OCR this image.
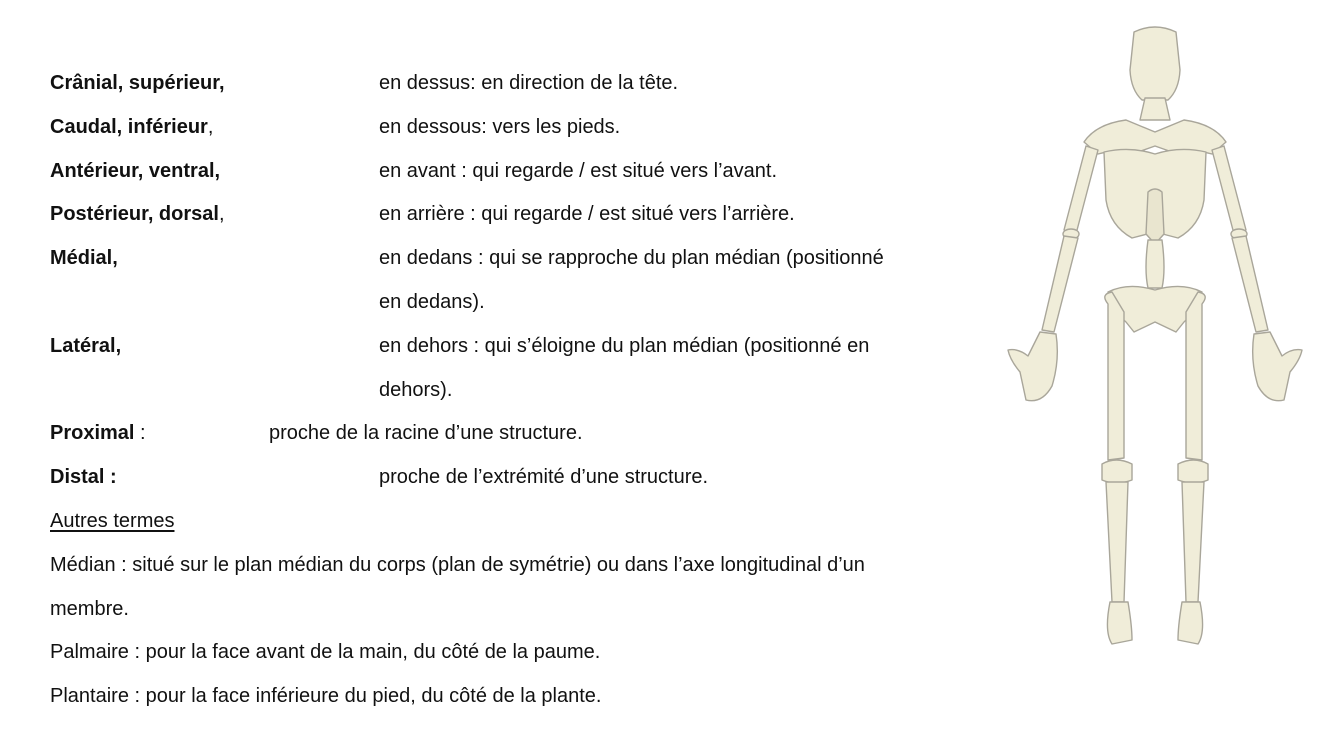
Crânial, supérieur,	en dessus: en direction de la tête.
Caudal, inférieur,	en dessous: vers les pieds.
Antérieur, ventral,	en avant : qui regarde / est situé vers l’avant.
Postérieur, dorsal,	en arrière : qui regarde / est situé vers l’arrière.
Médial,	en dedans : qui se rapproche du plan médian (positionné
en dedans).
Latéral,	en dehors : qui s’éloigne du plan médian (positionné en
dehors).
Proximal :	proche de la racine d’une structure.
Distal :	proche de l’extrémité d’une structure.
Autres termes
Médian : situé sur le plan médian du corps (plan de symétrie) ou dans l’axe longitudinal d’un
membre.
Palmaire : pour la face avant de la main, du côté de la paume.
Plantaire : pour la face inférieure du pied, du côté de la plante.
